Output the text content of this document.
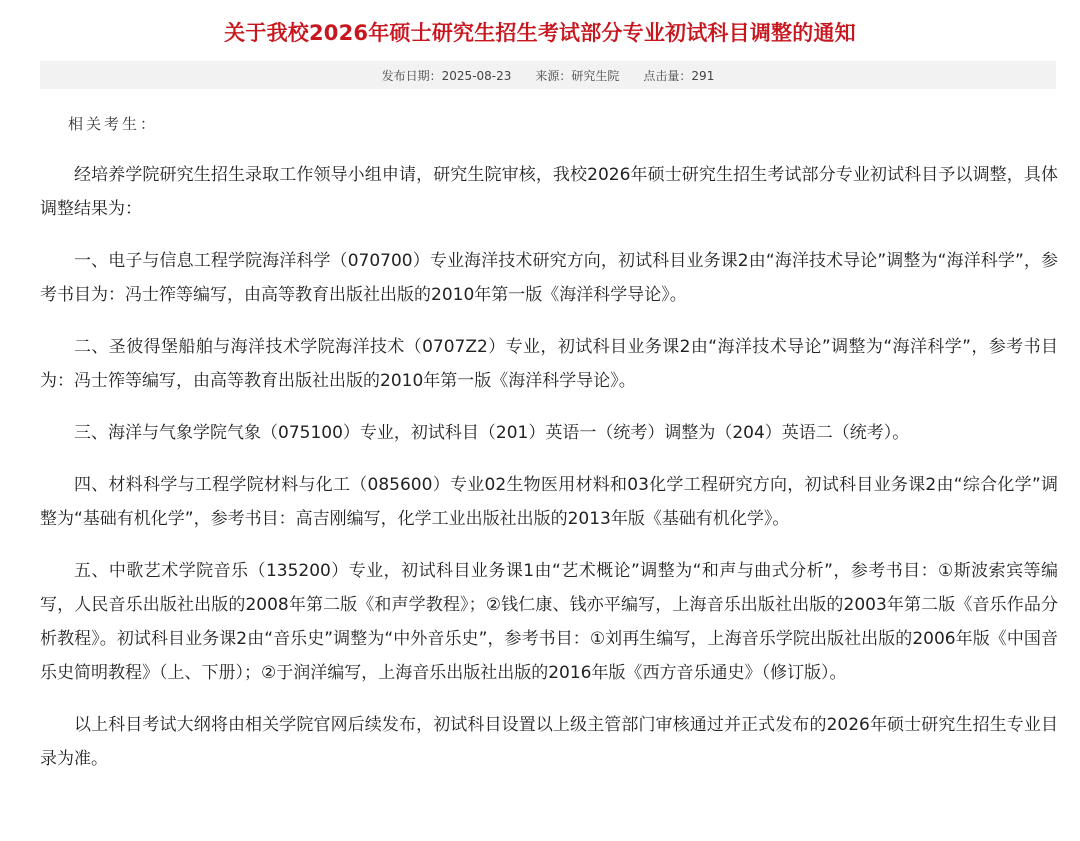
关于我校2026年硕士研究生招生考试部分专业初试科目调整的通知
发布日期：2025-08-23 来源：研究生院 点击量：291
相关考生：

经培养学院研究生招生录取工作领导小组申请，研究生院审核，我校2026年硕士研究生招生考试部分专业初试科目予以调整，具体调整结果为：

一、电子与信息工程学院海洋科学（070700）专业海洋技术研究方向，初试科目业务课2由“海洋技术导论”调整为“海洋科学”，参考书目为：冯士筰等编写，由高等教育出版社出版的2010年第一版《海洋科学导论》。

二、圣彼得堡船舶与海洋技术学院海洋技术（0707Z2）专业，初试科目业务课2由“海洋技术导论”调整为“海洋科学”，参考书目为：冯士筰等编写，由高等教育出版社出版的2010年第一版《海洋科学导论》。

三、海洋与气象学院气象（075100）专业，初试科目（201）英语一（统考）调整为（204）英语二（统考）。

四、材料科学与工程学院材料与化工（085600）专业02生物医用材料和03化学工程研究方向，初试科目业务课2由“综合化学”调整为“基础有机化学”，参考书目：高吉刚编写，化学工业出版社出版的2013年版《基础有机化学》。

五、中歌艺术学院音乐（135200）专业，初试科目业务课1由“艺术概论”调整为“和声与曲式分析”，参考书目：①斯波索宾等编写，人民音乐出版社出版的2008年第二版《和声学教程》；②钱仁康、钱亦平编写，上海音乐出版社出版的2003年第二版《音乐作品分析教程》。初试科目业务课2由“音乐史”调整为“中外音乐史”，参考书目：①刘再生编写，上海音乐学院出版社出版的2006年版《中国音乐史简明教程》（上、下册）；②于润洋编写，上海音乐出版社出版的2016年版《西方音乐通史》（修订版）。

以上科目考试大纲将由相关学院官网后续发布，初试科目设置以上级主管部门审核通过并正式发布的2026年硕士研究生招生专业目录为准。
